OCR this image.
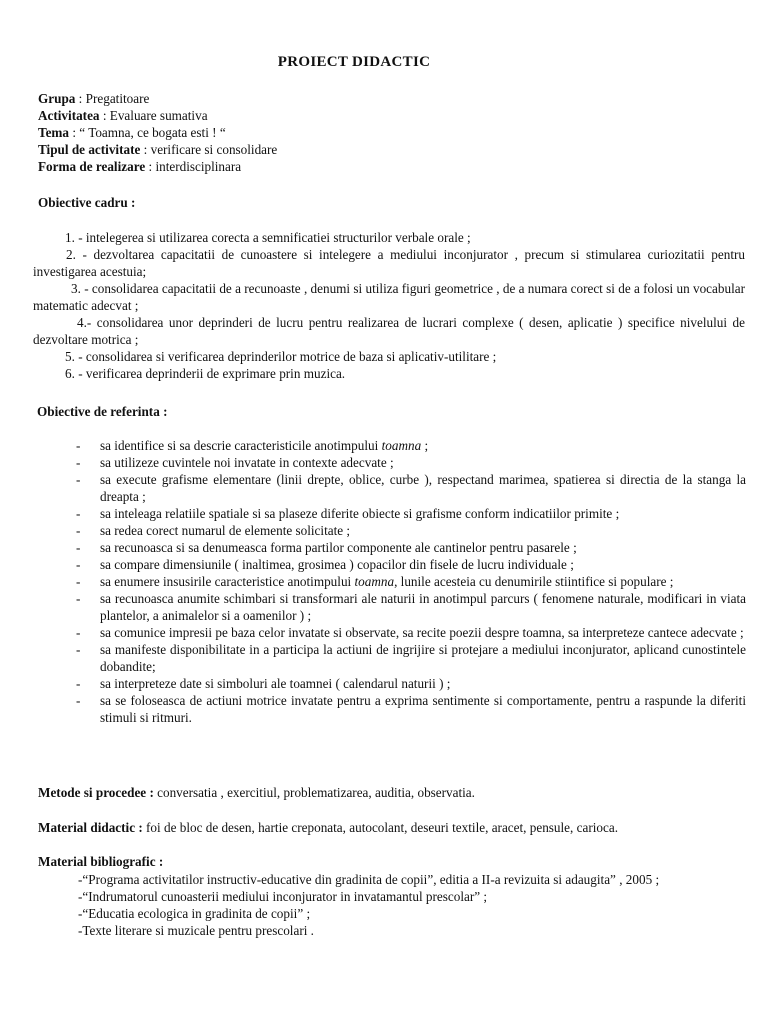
PROIECT DIDACTIC
Grupa : Pregatitoare
Activitatea : Evaluare sumativa
Tema : “ Toamna, ce bogata esti ! “
Tipul de activitate : verificare si consolidare
Forma de realizare : interdisciplinara
Obiective cadru :
1. - intelegerea si utilizarea corecta a semnificatiei structurilor verbale orale ;
2. - dezvoltarea capacitatii de cunoastere si intelegere a mediului inconjurator , precum si stimularea curiozitatii pentru investigarea acestuia;
3. - consolidarea capacitatii de a recunoaste , denumi si utiliza figuri geometrice , de a numara corect si de a folosi un vocabular matematic adecvat ;
4.- consolidarea unor deprinderi de lucru pentru realizarea de lucrari complexe ( desen, aplicatie ) specifice nivelului de dezvoltare motrica ;
5. - consolidarea si verificarea deprinderilor motrice de baza si aplicativ-utilitare ;
6. - verificarea deprinderii de exprimare prin muzica.
Obiective de referinta :
-	sa identifice si sa descrie caracteristicile anotimpului toamna ;
-	sa utilizeze cuvintele noi invatate in contexte adecvate ;
-	sa execute grafisme elementare (linii drepte, oblice, curbe ), respectand marimea, spatierea si directia de la stanga la dreapta ;
-	sa inteleaga relatiile spatiale si sa plaseze diferite obiecte si grafisme conform indicatiilor primite ;
-	sa redea corect numarul de elemente solicitate ;
-	sa recunoasca si sa denumeasca forma partilor componente ale cantinelor pentru pasarele ;
-	sa compare dimensiunile ( inaltimea, grosimea ) copacilor din fisele de lucru individuale ;
-	sa enumere insusirile caracteristice anotimpului toamna, lunile acesteia cu denumirile stiintifice si populare ;
-	sa recunoasca anumite schimbari si transformari ale naturii in anotimpul parcurs ( fenomene naturale, modificari in viata plantelor, a animalelor si a oamenilor ) ;
-	sa comunice impresii pe baza celor invatate si observate, sa recite poezii despre toamna, sa interpreteze cantece adecvate ;
-	sa manifeste disponibilitate in a participa la actiuni de ingrijire si protejare a mediului inconjurator, aplicand cunostintele dobandite;
-	sa interpreteze date si simboluri ale toamnei ( calendarul naturii ) ;
-	sa se foloseasca de actiuni motrice invatate pentru a exprima sentimente si comportamente, pentru a raspunde la diferiti stimuli si ritmuri.
Metode si procedee : conversatia , exercitiul, problematizarea, auditia, observatia.
Material didactic : foi de bloc de desen, hartie creponata, autocolant, deseuri textile, aracet, pensule, carioca.
Material bibliografic :
-“Programa activitatilor instructiv-educative din gradinita de copii”, editia a II-a revizuita si adaugita” , 2005 ;
-“Indrumatorul cunoasterii mediului inconjurator in invatamantul prescolar” ;
-“Educatia ecologica in gradinita de copii” ;
-Texte literare si muzicale pentru prescolari .
